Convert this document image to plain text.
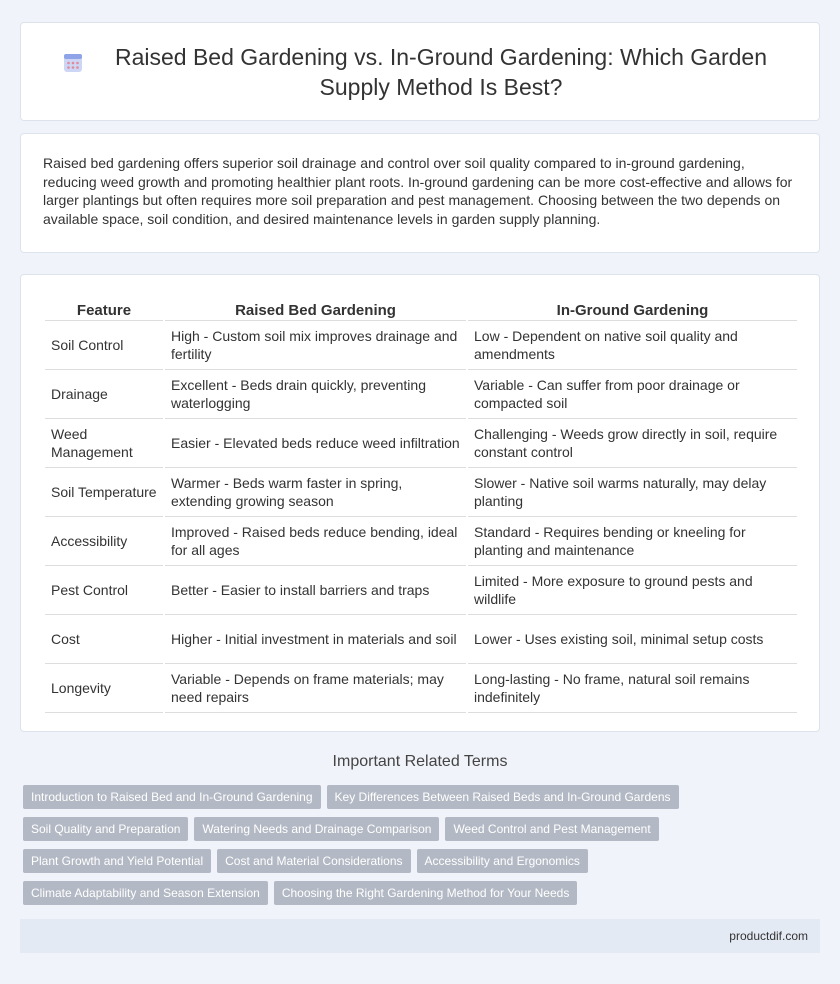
Raised Bed Gardening vs. In-Ground Gardening: Which Garden Supply Method Is Best?

Raised bed gardening offers superior soil drainage and control over soil quality compared to in-ground gardening, reducing weed growth and promoting healthier plant roots. In-ground gardening can be more cost-effective and allows for larger plantings but often requires more soil preparation and pest management. Choosing between the two depends on available space, soil condition, and desired maintenance levels in garden supply planning.

Feature	Raised Bed Gardening	In-Ground Gardening
Soil Control	High - Custom soil mix improves drainage and fertility	Low - Dependent on native soil quality and amendments
Drainage	Excellent - Beds drain quickly, preventing waterlogging	Variable - Can suffer from poor drainage or compacted soil
Weed Management	Easier - Elevated beds reduce weed infiltration	Challenging - Weeds grow directly in soil, require constant control
Soil Temperature	Warmer - Beds warm faster in spring, extending growing season	Slower - Native soil warms naturally, may delay planting
Accessibility	Improved - Raised beds reduce bending, ideal for all ages	Standard - Requires bending or kneeling for planting and maintenance
Pest Control	Better - Easier to install barriers and traps	Limited - More exposure to ground pests and wildlife
Cost	Higher - Initial investment in materials and soil	Lower - Uses existing soil, minimal setup costs
Longevity	Variable - Depends on frame materials; may need repairs	Long-lasting - No frame, natural soil remains indefinitely
Important Related Terms
Introduction to Raised Bed and In-Ground Gardening	Key Differences Between Raised Beds and In-Ground Gardens
Soil Quality and Preparation	Watering Needs and Drainage Comparison	Weed Control and Pest Management
Plant Growth and Yield Potential	Cost and Material Considerations	Accessibility and Ergonomics
Climate Adaptability and Season Extension	Choosing the Right Gardening Method for Your Needs
productdif.com
